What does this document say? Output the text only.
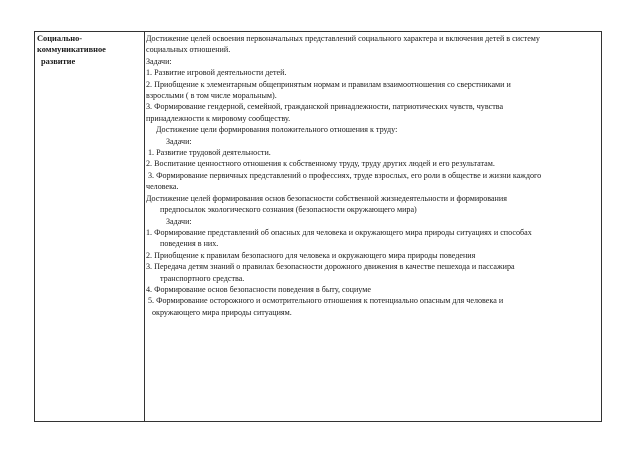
Социально-
коммуникативное
развитие
Достижение целей освоения первоначальных представлений социального характера и включения детей в систему
социальных отношений.
Задачи:
1. Развитие игровой деятельности детей.
2. Приобщение к элементарным общепринятым нормам и правилам взаимоотношения со сверстниками и
взрослыми ( в том числе моральным).
3. Формирование гендерной, семейной, гражданской принадлежности, патриотических чувств, чувства
принадлежности к мировому сообществу.
Достижение цели формирования положительного отношения к труду:
Задачи:
1. Развитие трудовой деятельности.
2. Воспитание ценностного отношения к собственному труду, труду других людей и его результатам.
3. Формирование первичных представлений о профессиях, труде взрослых, его роли в обществе и жизни каждого
человека.
Достижение целей формирования основ безопасности собственной жизнедеятельности и формирования
предпосылок экологического сознания (безопасности окружающего мира)
Задачи:
1. Формирование представлений об опасных для человека и окружающего мира природы ситуациях и способах
поведения в них.
2. Приобщение к правилам безопасного для человека и окружающего мира природы поведения
3. Передача детям знаний о правилах безопасности дорожного движения в качестве пешехода и пассажира
транспортного средства.
4. Формирование основ безопасности поведения в быту, социуме
5. Формирование осторожного и осмотрительного отношения к потенциально опасным для человека и
окружающего мира природы ситуациям.
